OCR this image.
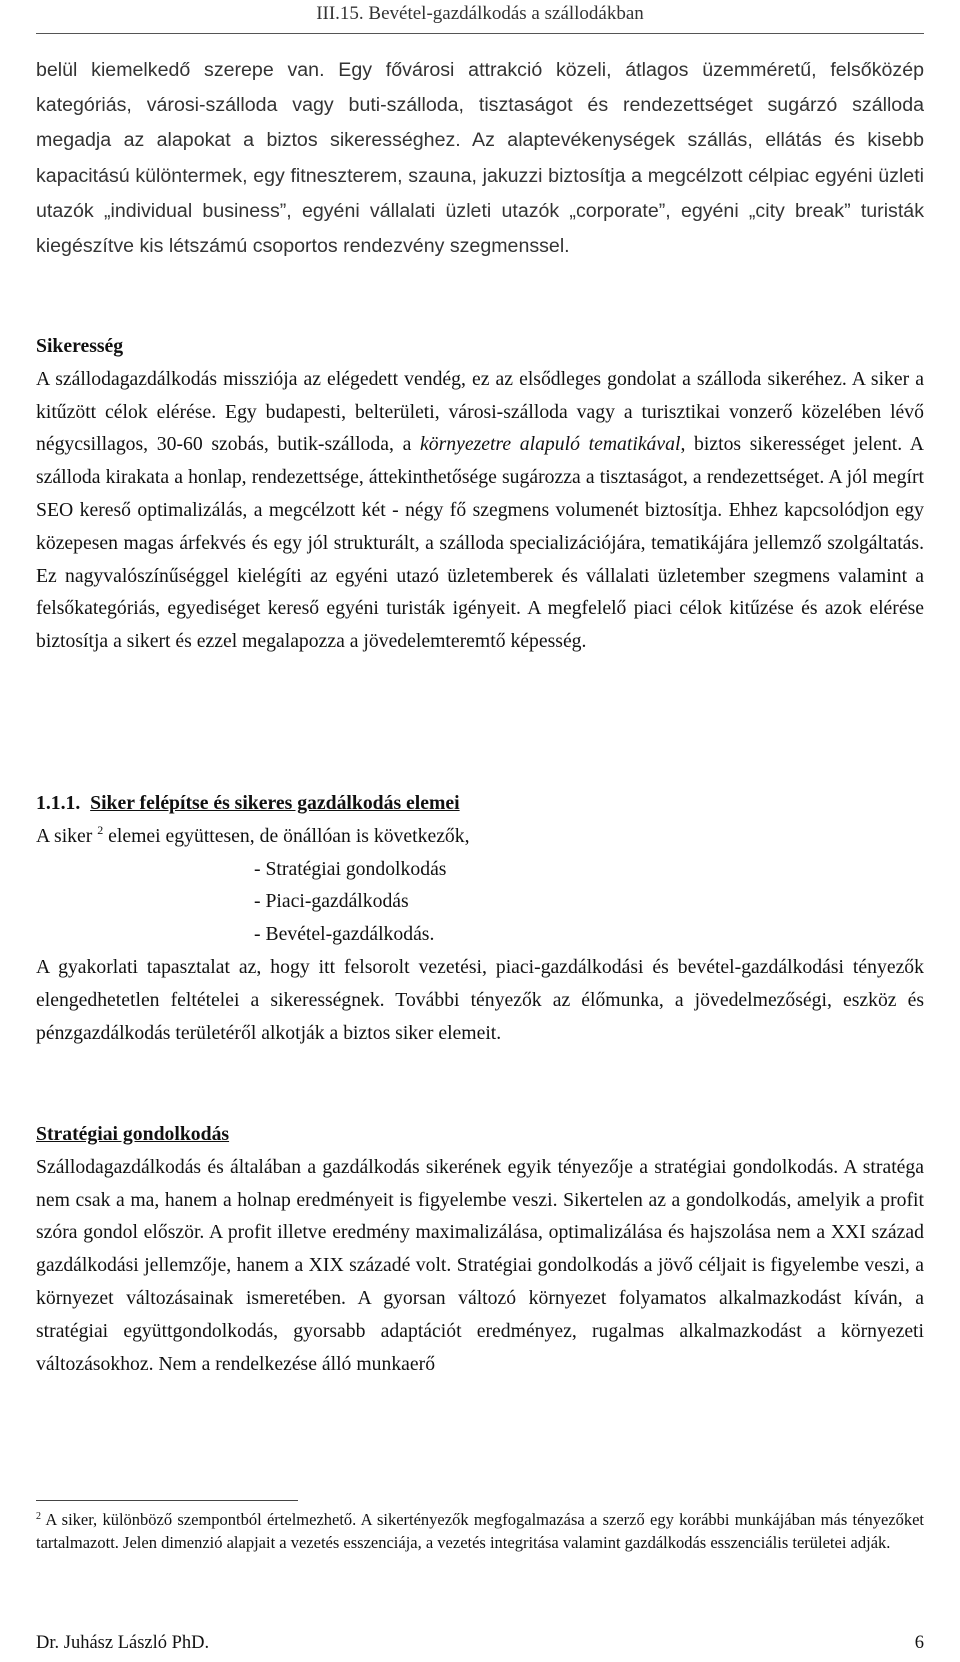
III.15. Bevétel-gazdálkodás a szállodákban
belül kiemelkedő szerepe van. Egy fővárosi attrakció közeli, átlagos üzemméretű, felsőközép kategóriás, városi-szálloda vagy buti-szálloda, tisztaságot és rendezettséget sugárzó szálloda megadja az alapokat a biztos sikerességhez. Az alaptevékenységek szállás, ellátás és kisebb kapacitású különtermek, egy fitneszterem, szauna, jakuzzi biztosítja a megcélzott célpiac egyéni üzleti utazók „individual business”, egyéni vállalati üzleti utazók „corporate”, egyéni „city break” turisták kiegészítve kis létszámú csoportos rendezvény szegmenssel.
Sikeresség
A szállodagazdálkodás missziója az elégedett vendég, ez az elsődleges gondolat a szálloda sikeréhez. A siker a kitűzött célok elérése. Egy budapesti, belterületi, városi-szálloda vagy a turisztikai vonzerő közelében lévő négycsillagos, 30-60 szobás, butik-szálloda, a környezetre alapuló tematikával, biztos sikerességet jelent. A szálloda kirakata a honlap, rendezettsége, áttekinthetősége sugározza a tisztaságot, a rendezettséget. A jól megírt SEO kereső optimalizálás, a megcélzott két - négy fő szegmens volumenét biztosítja. Ehhez kapcsolódjon egy közepesen magas árfekvés és egy jól strukturált, a szálloda specializációjára, tematikájára jellemző szolgáltatás. Ez nagyvalószínűséggel kielégíti az egyéni utazó üzletemberek és vállalati üzletember szegmens valamint a felsőkategóriás, egyediséget kereső egyéni turisták igényeit. A megfelelő piaci célok kitűzése és azok elérése biztosítja a sikert és ezzel megalapozza a jövedelemteremtő képesség.
1.1.1. Siker felépítse és sikeres gazdálkodás elemei
A siker $^2$ elemei együttesen, de önállóan is következők,
- Stratégiai gondolkodás
- Piaci-gazdálkodás
- Bevétel-gazdálkodás.
A gyakorlati tapasztalat az, hogy itt felsorolt vezetési, piaci-gazdálkodási és bevétel-gazdálkodási tényezők elengedhetetlen feltételei a sikerességnek. További tényezők az élőmunka, a jövedelmezőségi, eszköz és pénzgazdálkodás területéről alkotják a biztos siker elemeit.
Stratégiai gondolkodás
Szállodagazdálkodás és általában a gazdálkodás sikerének egyik tényezője a stratégiai gondolkodás. A stratéga nem csak a ma, hanem a holnap eredményeit is figyelembe veszi. Sikertelen az a gondolkodás, amelyik a profit szóra gondol először. A profit illetve eredmény maximalizálása, optimalizálása és hajszolása nem a XXI század gazdálkodási jellemzője, hanem a XIX századé volt. Stratégiai gondolkodás a jövő céljait is figyelembe veszi, a környezet változásainak ismeretében. A gyorsan változó környezet folyamatos alkalmazkodást kíván, a stratégiai együttgondolkodás, gyorsabb adaptációt eredményez, rugalmas alkalmazkodást a környezeti változásokhoz. Nem a rendelkezése álló munkaerő
$^2$ A siker, különböző szempontból értelmezhető. A sikertényezők megfogalmazása a szerző egy korábbi munkájában más tényezőket tartalmazott. Jelen dimenzió alapjait a vezetés esszenciája, a vezetés integritása valamint gazdálkodás esszenciális területei adják.
Dr. Juhász László PhD.	6
